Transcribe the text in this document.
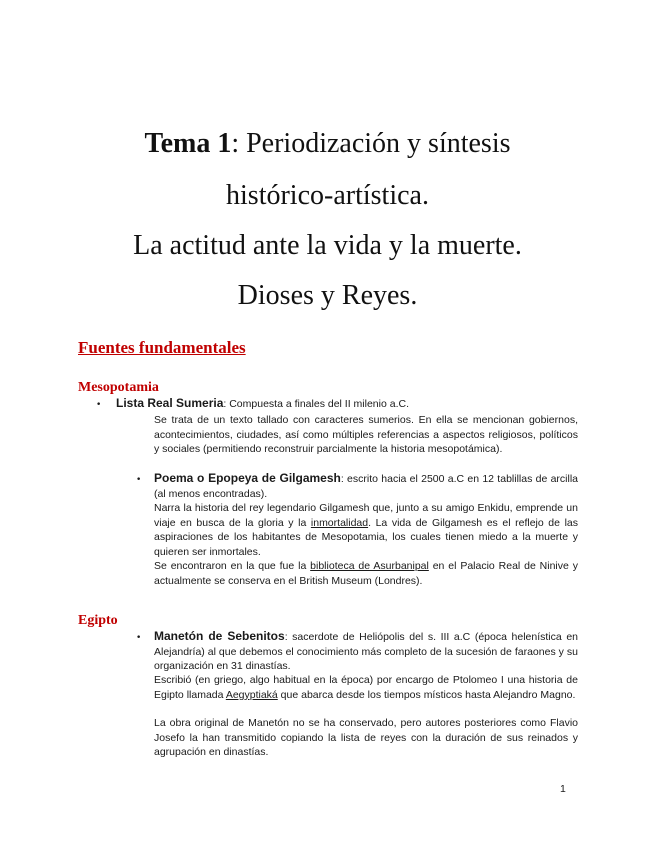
Tema 1: Periodización y síntesis
histórico-artística.
La actitud ante la vida y la muerte.
Dioses y Reyes.
Fuentes fundamentales
Mesopotamia
• Lista Real Sumeria: Compuesta a finales del II milenio a.C.
Se trata de un texto tallado con caracteres sumerios. En ella se mencionan gobiernos, acontecimientos, ciudades, así como múltiples referencias a aspectos religiosos, políticos y sociales (permitiendo reconstruir parcialmente la historia mesopotámica).
• Poema o Epopeya de Gilgamesh: escrito hacia el 2500 a.C en 12 tablillas de arcilla (al menos encontradas).
Narra la historia del rey legendario Gilgamesh que, junto a su amigo Enkidu, emprende un viaje en busca de la gloria y la inmortalidad. La vida de Gilgamesh es el reflejo de las aspiraciones de los habitantes de Mesopotamia, los cuales tienen miedo a la muerte y quieren ser inmortales.
Se encontraron en la que fue la biblioteca de Asurbanipal en el Palacio Real de Ninive y actualmente se conserva en el British Museum (Londres).
Egipto
• Manetón de Sebenitos: sacerdote de Heliópolis del s. III a.C (época helenística en Alejandría) al que debemos el conocimiento más completo de la sucesión de faraones y su organización en 31 dinastías.
Escribió (en griego, algo habitual en la época) por encargo de Ptolomeo I una historia de Egipto llamada Aegyptiaká que abarca desde los tiempos místicos hasta Alejandro Magno.
La obra original de Manetón no se ha conservado, pero autores posteriores como Flavio Josefo la han transmitido copiando la lista de reyes con la duración de sus reinados y agrupación en dinastías.
1
